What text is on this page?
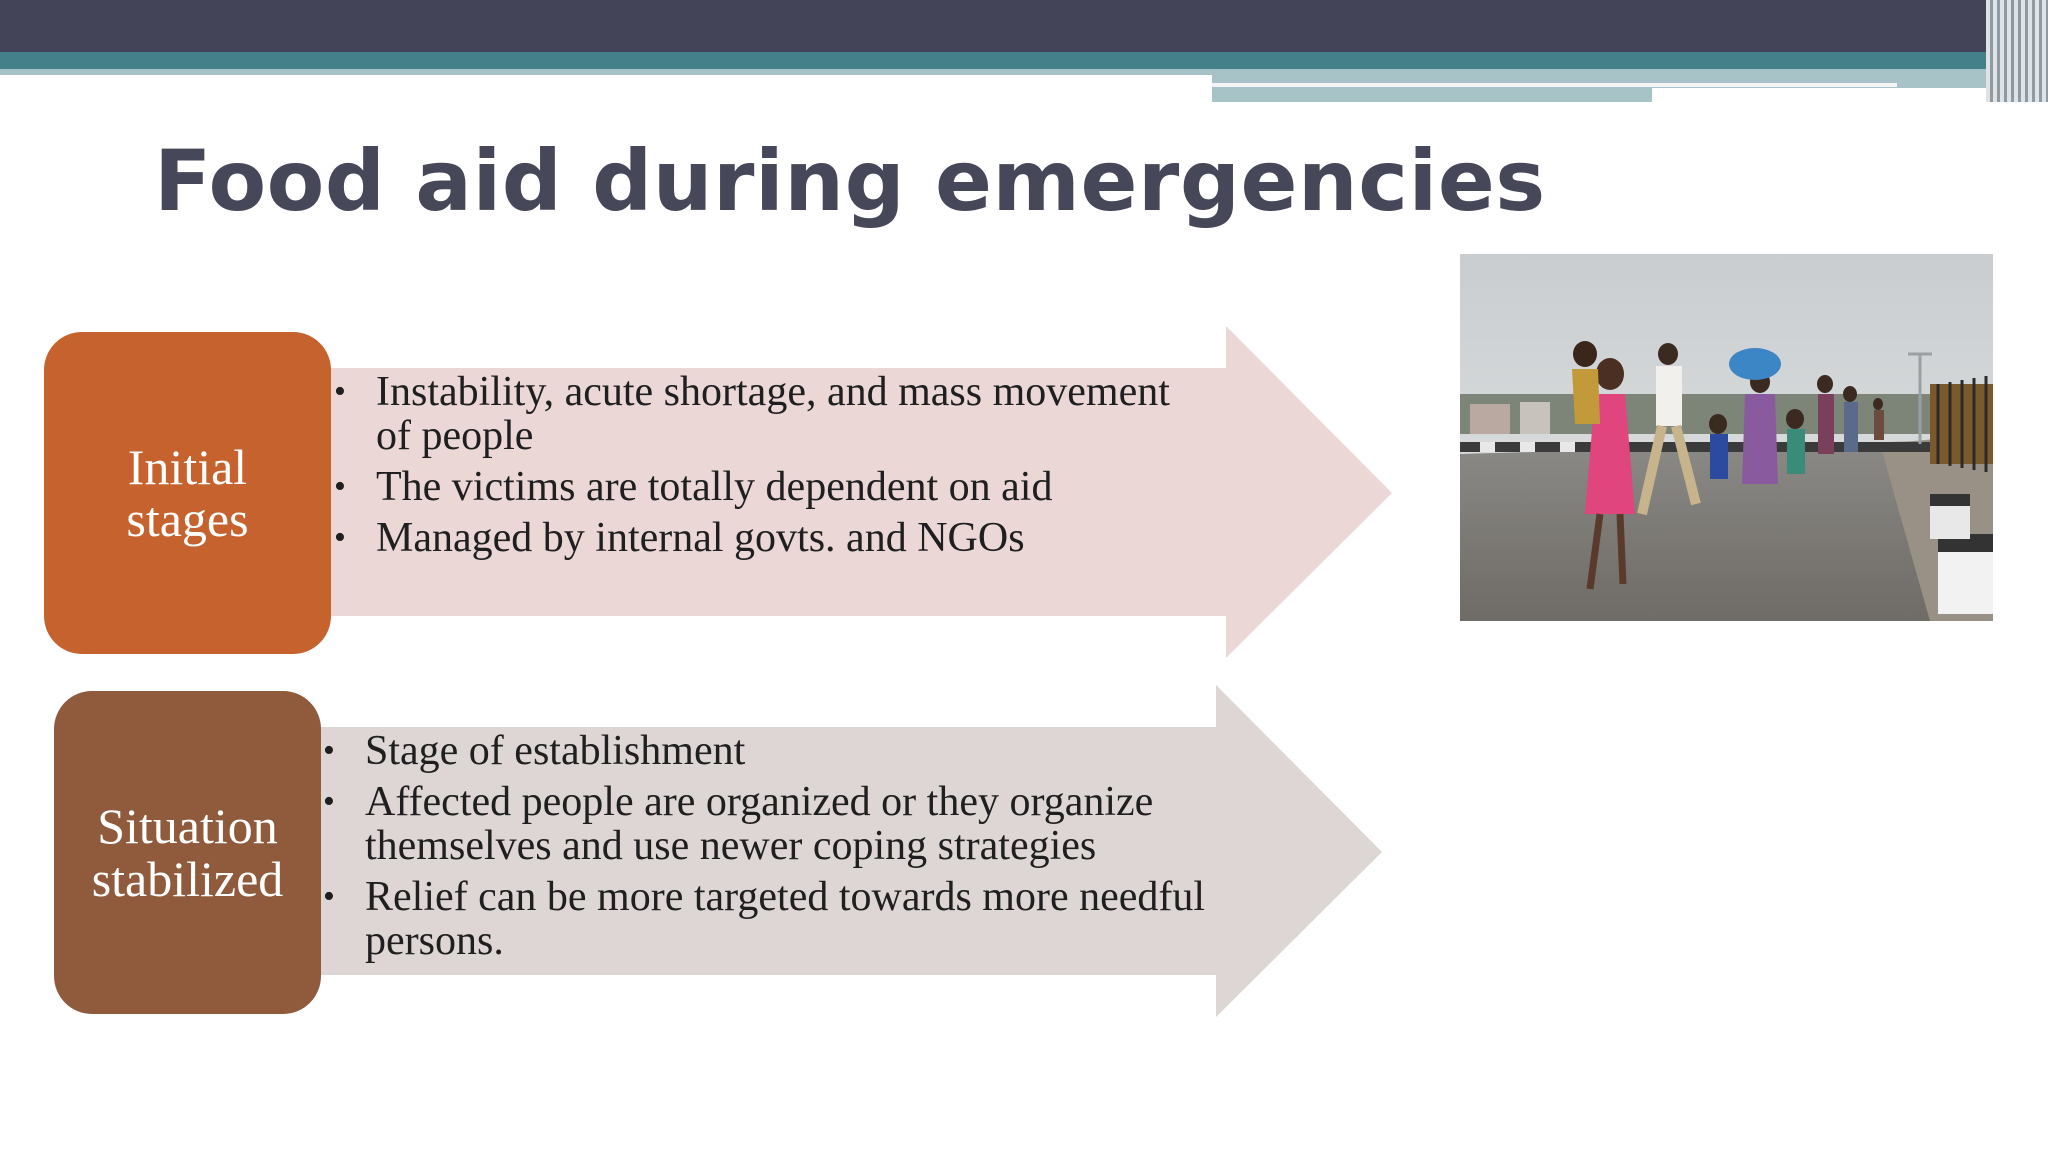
Food aid during emergencies
Initial stages
• Instability, acute shortage, and mass movement of people
• The victims are totally dependent on aid
• Managed by internal govts. and NGOs
Situation stabilized
• Stage of establishment
• Affected people are organized or they organize themselves and use newer coping strategies
• Relief can be more targeted towards more needful persons.
